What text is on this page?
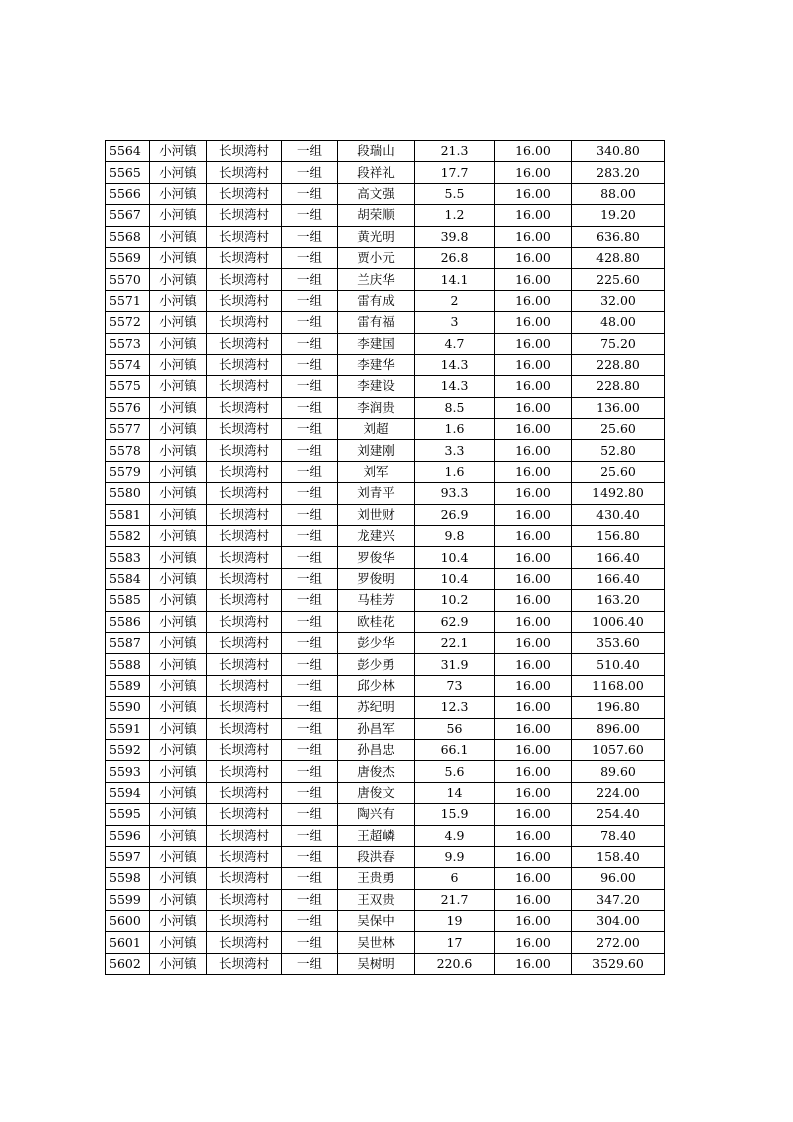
5564	小河镇	长坝湾村	一组	段瑞山	21.3	16.00	340.80
5565	小河镇	长坝湾村	一组	段祥礼	17.7	16.00	283.20
5566	小河镇	长坝湾村	一组	高文强	5.5	16.00	88.00
5567	小河镇	长坝湾村	一组	胡荣顺	1.2	16.00	19.20
5568	小河镇	长坝湾村	一组	黄光明	39.8	16.00	636.80
5569	小河镇	长坝湾村	一组	贾小元	26.8	16.00	428.80
5570	小河镇	长坝湾村	一组	兰庆华	14.1	16.00	225.60
5571	小河镇	长坝湾村	一组	雷有成	2	16.00	32.00
5572	小河镇	长坝湾村	一组	雷有福	3	16.00	48.00
5573	小河镇	长坝湾村	一组	李建国	4.7	16.00	75.20
5574	小河镇	长坝湾村	一组	李建华	14.3	16.00	228.80
5575	小河镇	长坝湾村	一组	李建设	14.3	16.00	228.80
5576	小河镇	长坝湾村	一组	李润贵	8.5	16.00	136.00
5577	小河镇	长坝湾村	一组	刘超	1.6	16.00	25.60
5578	小河镇	长坝湾村	一组	刘建刚	3.3	16.00	52.80
5579	小河镇	长坝湾村	一组	刘军	1.6	16.00	25.60
5580	小河镇	长坝湾村	一组	刘青平	93.3	16.00	1492.80
5581	小河镇	长坝湾村	一组	刘世财	26.9	16.00	430.40
5582	小河镇	长坝湾村	一组	龙建兴	9.8	16.00	156.80
5583	小河镇	长坝湾村	一组	罗俊华	10.4	16.00	166.40
5584	小河镇	长坝湾村	一组	罗俊明	10.4	16.00	166.40
5585	小河镇	长坝湾村	一组	马桂芳	10.2	16.00	163.20
5586	小河镇	长坝湾村	一组	欧桂花	62.9	16.00	1006.40
5587	小河镇	长坝湾村	一组	彭少华	22.1	16.00	353.60
5588	小河镇	长坝湾村	一组	彭少勇	31.9	16.00	510.40
5589	小河镇	长坝湾村	一组	邱少林	73	16.00	1168.00
5590	小河镇	长坝湾村	一组	苏纪明	12.3	16.00	196.80
5591	小河镇	长坝湾村	一组	孙昌军	56	16.00	896.00
5592	小河镇	长坝湾村	一组	孙昌忠	66.1	16.00	1057.60
5593	小河镇	长坝湾村	一组	唐俊杰	5.6	16.00	89.60
5594	小河镇	长坝湾村	一组	唐俊文	14	16.00	224.00
5595	小河镇	长坝湾村	一组	陶兴有	15.9	16.00	254.40
5596	小河镇	长坝湾村	一组	王超嶙	4.9	16.00	78.40
5597	小河镇	长坝湾村	一组	段洪春	9.9	16.00	158.40
5598	小河镇	长坝湾村	一组	王贵勇	6	16.00	96.00
5599	小河镇	长坝湾村	一组	王双贵	21.7	16.00	347.20
5600	小河镇	长坝湾村	一组	吴保中	19	16.00	304.00
5601	小河镇	长坝湾村	一组	吴世林	17	16.00	272.00
5602	小河镇	长坝湾村	一组	吴树明	220.6	16.00	3529.60
